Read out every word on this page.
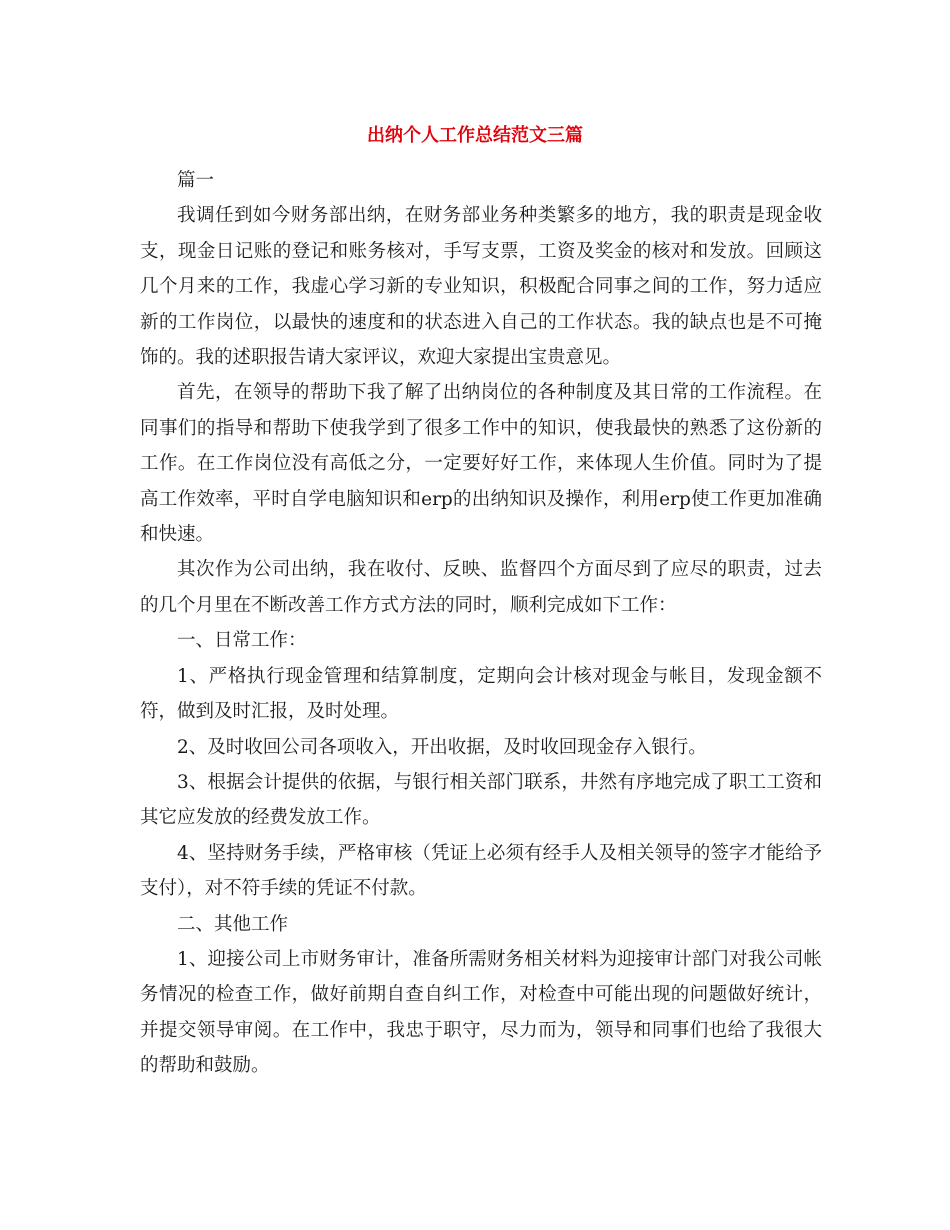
出纳个人工作总结范文三篇

篇一

我调任到如今财务部出纳，在财务部业务种类繁多的地方，我的职责是现金收支，现金日记账的登记和账务核对，手写支票，工资及奖金的核对和发放。回顾这几个月来的工作，我虚心学习新的专业知识，积极配合同事之间的工作，努力适应新的工作岗位，以最快的速度和的状态进入自己的工作状态。我的缺点也是不可掩饰的。我的述职报告请大家评议，欢迎大家提出宝贵意见。

首先，在领导的帮助下我了解了出纳岗位的各种制度及其日常的工作流程。在同事们的指导和帮助下使我学到了很多工作中的知识，使我最快的熟悉了这份新的工作。在工作岗位没有高低之分，一定要好好工作，来体现人生价值。同时为了提高工作效率，平时自学电脑知识和erp的出纳知识及操作，利用erp使工作更加准确和快速。

其次作为公司出纳，我在收付、反映、监督四个方面尽到了应尽的职责，过去的几个月里在不断改善工作方式方法的同时，顺利完成如下工作：

一、日常工作：

1、严格执行现金管理和结算制度，定期向会计核对现金与帐目，发现金额不符，做到及时汇报，及时处理。

2、及时收回公司各项收入，开出收据，及时收回现金存入银行。

3、根据会计提供的依据，与银行相关部门联系，井然有序地完成了职工工资和其它应发放的经费发放工作。

4、坚持财务手续，严格审核（凭证上必须有经手人及相关领导的签字才能给予支付），对不符手续的凭证不付款。

二、其他工作

1、迎接公司上市财务审计，准备所需财务相关材料为迎接审计部门对我公司帐务情况的检查工作，做好前期自查自纠工作，对检查中可能出现的问题做好统计，并提交领导审阅。在工作中，我忠于职守，尽力而为，领导和同事们也给了我很大的帮助和鼓励。
